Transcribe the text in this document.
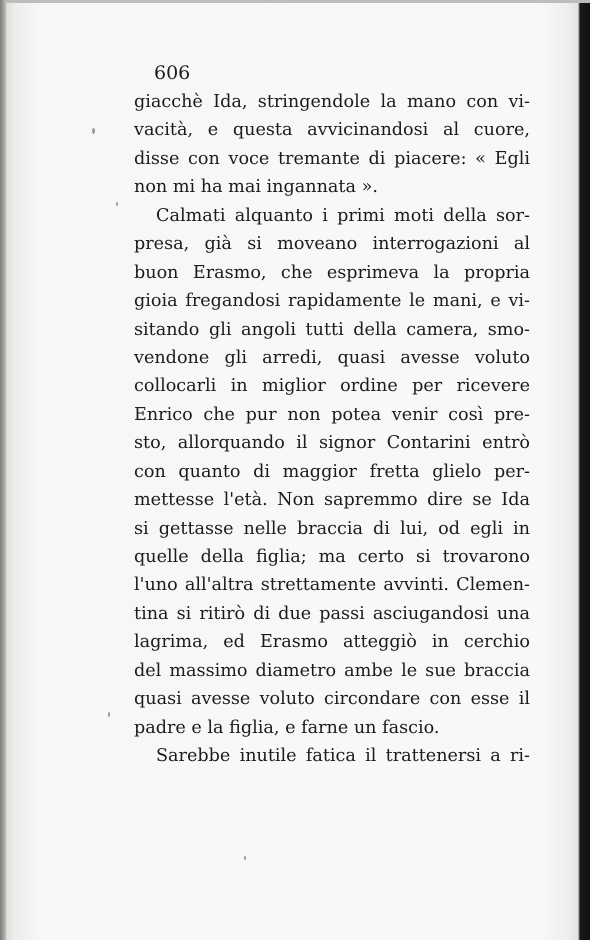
606
giacchè Ida, stringendole la mano con vi-
vacità, e questa avvicinandosi al cuore,
disse con voce tremante di piacere: « Egli
non mi ha mai ingannata ».
Calmati alquanto i primi moti della sor-
presa, già si moveano interrogazioni al
buon Erasmo, che esprimeva la propria
gioia fregandosi rapidamente le mani, e vi-
sitando gli angoli tutti della camera, smo-
vendone gli arredi, quasi avesse voluto
collocarli in miglior ordine per ricevere
Enrico che pur non potea venir così pre-
sto, allorquando il signor Contarini entrò
con quanto di maggior fretta glielo per-
mettesse l'età. Non sapremmo dire se Ida
si gettasse nelle braccia di lui, od egli in
quelle della figlia; ma certo si trovarono
l'uno all'altra strettamente avvinti. Clemen-
tina si ritirò di due passi asciugandosi una
lagrima, ed Erasmo atteggiò in cerchio
del massimo diametro ambe le sue braccia
quasi avesse voluto circondare con esse il
padre e la figlia, e farne un fascio.
Sarebbe inutile fatica il trattenersi a ri-
